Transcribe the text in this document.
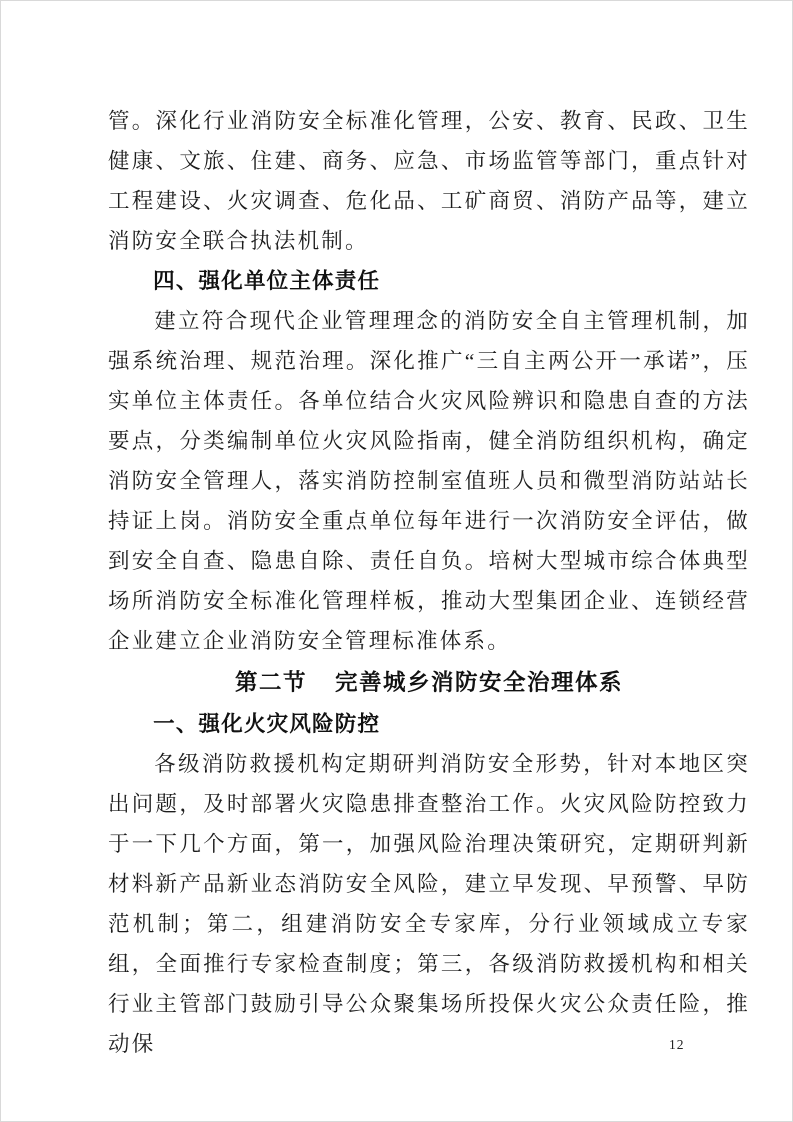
管。深化行业消防安全标准化管理，公安、教育、民政、卫生健康、文旅、住建、商务、应急、市场监管等部门，重点针对工程建设、火灾调查、危化品、工矿商贸、消防产品等，建立消防安全联合执法机制。

四、强化单位主体责任

建立符合现代企业管理理念的消防安全自主管理机制，加强系统治理、规范治理。深化推广“三自主两公开一承诺”，压实单位主体责任。各单位结合火灾风险辨识和隐患自查的方法要点，分类编制单位火灾风险指南，健全消防组织机构，确定消防安全管理人，落实消防控制室值班人员和微型消防站站长持证上岗。消防安全重点单位每年进行一次消防安全评估，做到安全自查、隐患自除、责任自负。培树大型城市综合体典型场所消防安全标准化管理样板，推动大型集团企业、连锁经营企业建立企业消防安全管理标准体系。

第二节 完善城乡消防安全治理体系

一、强化火灾风险防控

各级消防救援机构定期研判消防安全形势，针对本地区突出问题，及时部署火灾隐患排查整治工作。火灾风险防控致力于一下几个方面，第一，加强风险治理决策研究，定期研判新材料新产品新业态消防安全风险，建立早发现、早预警、早防范机制；第二，组建消防安全专家库，分行业领域成立专家组，全面推行专家检查制度；第三，各级消防救援机构和相关行业主管部门鼓励引导公众聚集场所投保火灾公众责任险，推动保	12
